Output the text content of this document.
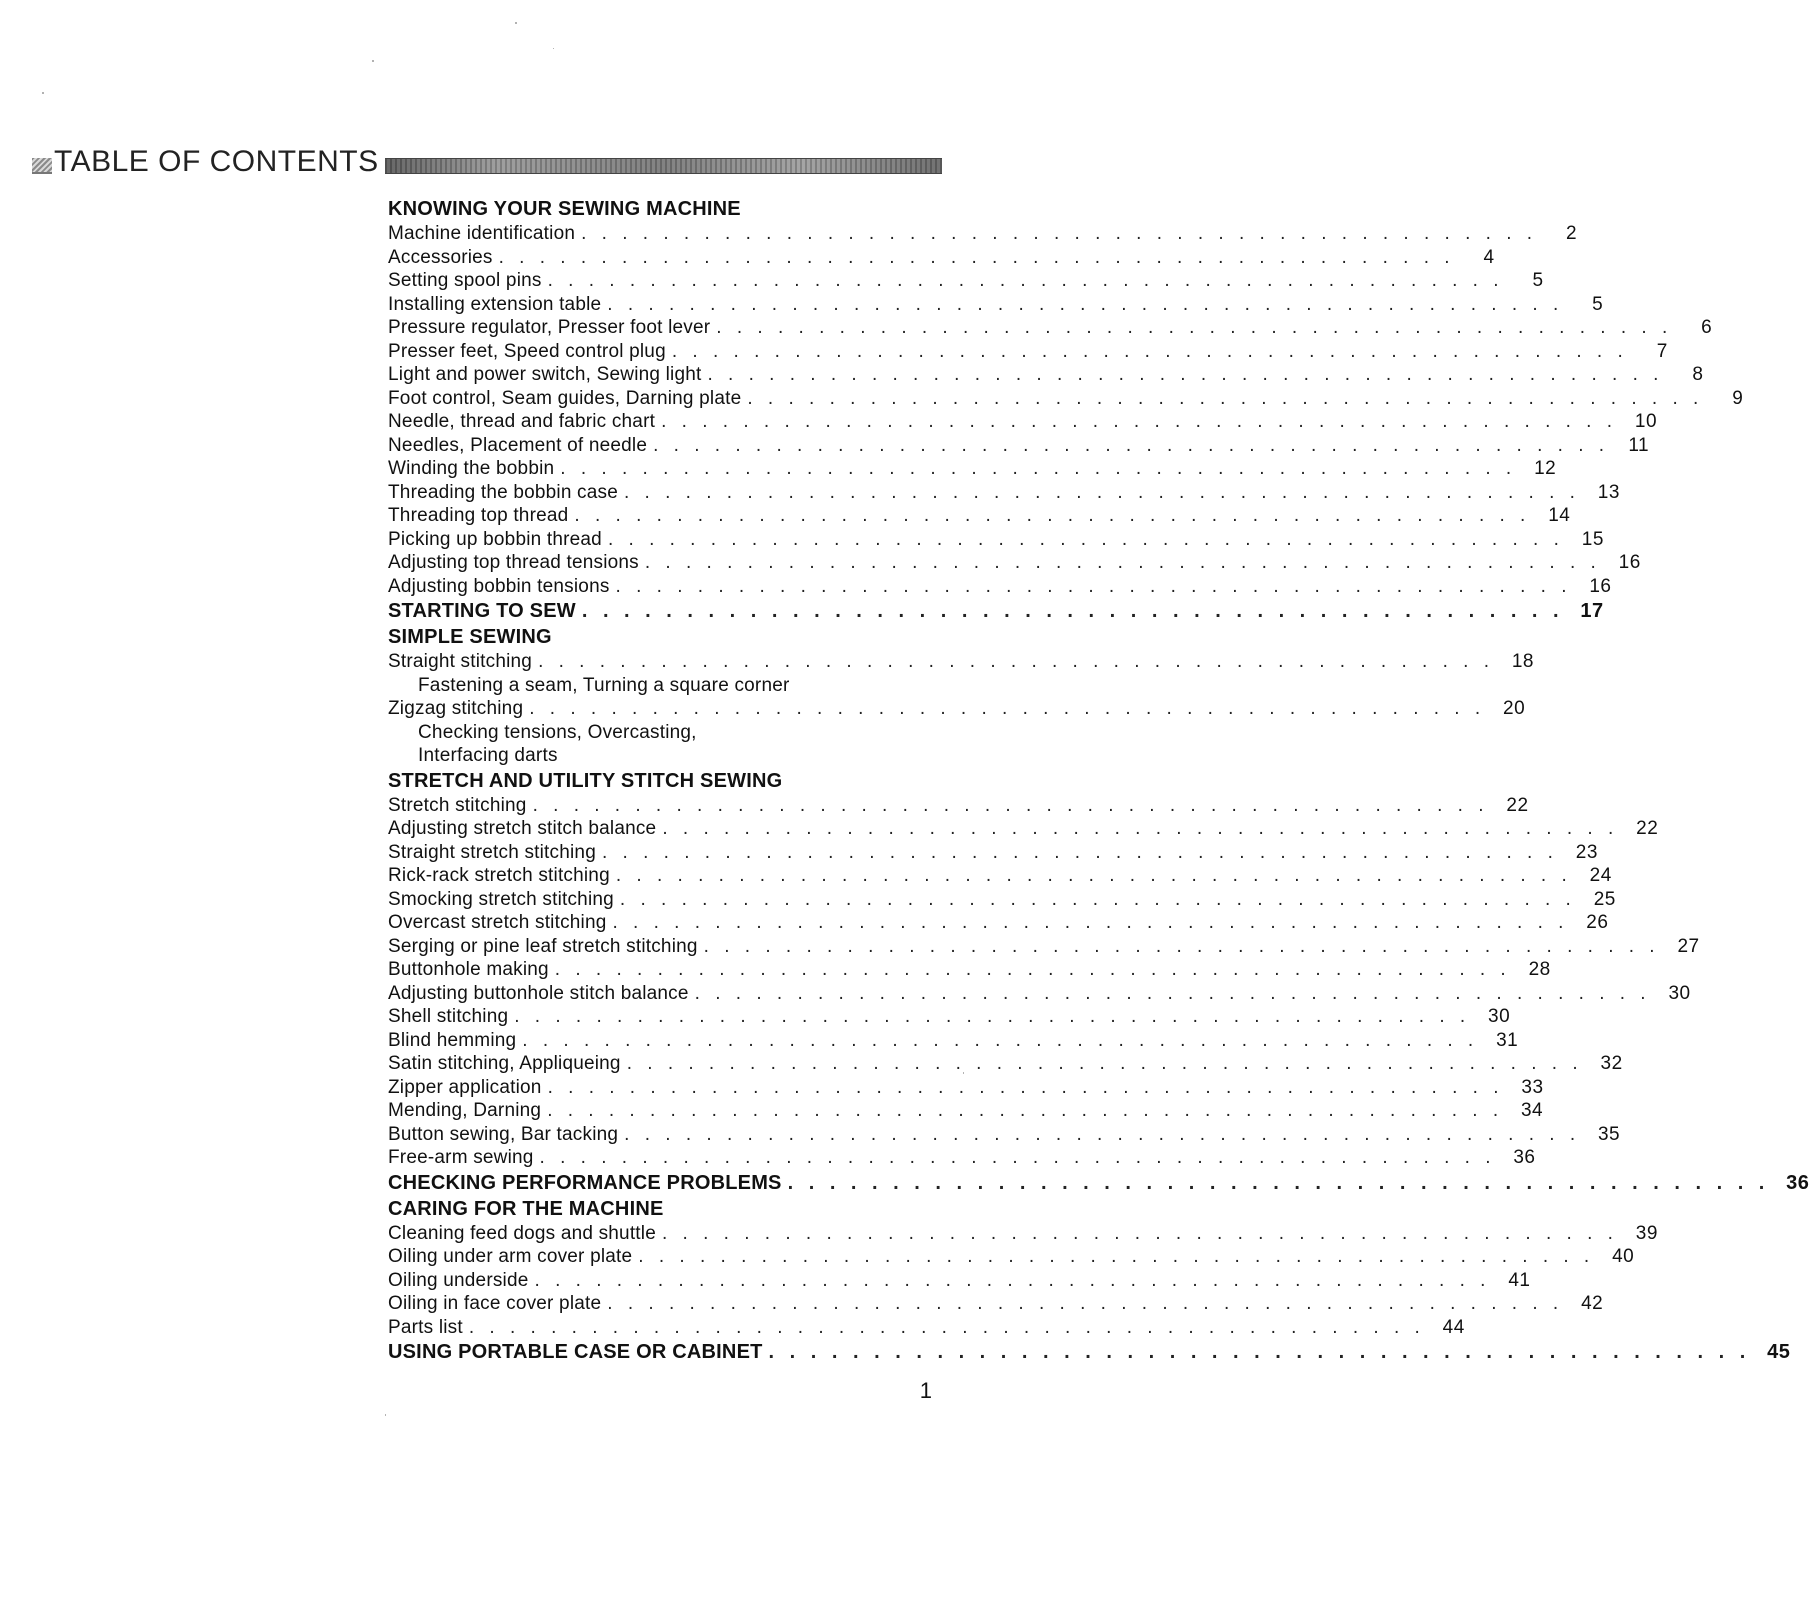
TABLE OF CONTENTS
KNOWING YOUR SEWING MACHINE
Machine identification . . . . . . . . . . . . . . . . . . . . . . . . . . . . . . . . . . . . . . . . . . . . . . .	2
Accessories . . . . . . . . . . . . . . . . . . . . . . . . . . . . . . . . . . . . . . . . . . . . . . .	4
Setting spool pins . . . . . . . . . . . . . . . . . . . . . . . . . . . . . . . . . . . . . . . . . . . . . . .	5
Installing extension table . . . . . . . . . . . . . . . . . . . . . . . . . . . . . . . . . . . . . . . . . . . . . . .	5
Pressure regulator, Presser foot lever . . . . . . . . . . . . . . . . . . . . . . . . . . . . . . . . . . . . . . . . . . . . . . .	6
Presser feet, Speed control plug . . . . . . . . . . . . . . . . . . . . . . . . . . . . . . . . . . . . . . . . . . . . . . .	7
Light and power switch, Sewing light . . . . . . . . . . . . . . . . . . . . . . . . . . . . . . . . . . . . . . . . . . . . . . .	8
Foot control, Seam guides, Darning plate . . . . . . . . . . . . . . . . . . . . . . . . . . . . . . . . . . . . . . . . . . . . . . .	9
Needle, thread and fabric chart . . . . . . . . . . . . . . . . . . . . . . . . . . . . . . . . . . . . . . . . . . . . . . . 10
Needles, Placement of needle . . . . . . . . . . . . . . . . . . . . . . . . . . . . . . . . . . . . . . . . . . . . . . .	11
Winding the bobbin . . . . . . . . . . . . . . . . . . . . . . . . . . . . . . . . . . . . . . . . . . . . . . . 12
Threading the bobbin case . . . . . . . . . . . . . . . . . . . . . . . . . . . . . . . . . . . . . . . . . . . . . . . 13
Threading top thread . . . . . . . . . . . . . . . . . . . . . . . . . . . . . . . . . . . . . . . . . . . . . . . 14
Picking up bobbin thread . . . . . . . . . . . . . . . . . . . . . . . . . . . . . . . . . . . . . . . . . . . . . . . 15
Adjusting top thread tensions . . . . . . . . . . . . . . . . . . . . . . . . . . . . . . . . . . . . . . . . . . . . . . . 16
Adjusting bobbin tensions . . . . . . . . . . . . . . . . . . . . . . . . . . . . . . . . . . . . . . . . . . . . . . . 16
STARTING TO SEW . . . . . . . . . . . . . . . . . . . . . . . . . . . . . . . . . . . . . . . . . . . . . . . 17
SIMPLE SEWING
Straight stitching . . . . . . . . . . . . . . . . . . . . . . . . . . . . . . . . . . . . . . . . . . . . . . . 18
Fastening a seam, Turning a square corner
Zigzag stitching . . . . . . . . . . . . . . . . . . . . . . . . . . . . . . . . . . . . . . . . . . . . . . . 20
Checking tensions, Overcasting,
Interfacing darts
STRETCH AND UTILITY STITCH SEWING
Stretch stitching . . . . . . . . . . . . . . . . . . . . . . . . . . . . . . . . . . . . . . . . . . . . . . . 22
Adjusting stretch stitch balance . . . . . . . . . . . . . . . . . . . . . . . . . . . . . . . . . . . . . . . . . . . . . . . 22
Straight stretch stitching . . . . . . . . . . . . . . . . . . . . . . . . . . . . . . . . . . . . . . . . . . . . . . . 23
Rick-rack stretch stitching . . . . . . . . . . . . . . . . . . . . . . . . . . . . . . . . . . . . . . . . . . . . . . . 24
Smocking stretch stitching . . . . . . . . . . . . . . . . . . . . . . . . . . . . . . . . . . . . . . . . . . . . . . . 25
Overcast stretch stitching . . . . . . . . . . . . . . . . . . . . . . . . . . . . . . . . . . . . . . . . . . . . . . . 26
Serging or pine leaf stretch stitching . . . . . . . . . . . . . . . . . . . . . . . . . . . . . . . . . . . . . . . . . . . . . . . 27
Buttonhole making . . . . . . . . . . . . . . . . . . . . . . . . . . . . . . . . . . . . . . . . . . . . . . . 28
Adjusting buttonhole stitch balance . . . . . . . . . . . . . . . . . . . . . . . . . . . . . . . . . . . . . . . . . . . . . . . 30
Shell stitching . . . . . . . . . . . . . . . . . . . . . . . . . . . . . . . . . . . . . . . . . . . . . . . 30
Blind hemming . . . . . . . . . . . . . . . . . . . . . . . . . . . . . . . . . . . . . . . . . . . . . . . 31
Satin stitching, Appliqueing . . . . . . . . . . . . . . . . . . . . . . . . . . . . . . . . . . . . . . . . . . . . . . . 32
Zipper application . . . . . . . . . . . . . . . . . . . . . . . . . . . . . . . . . . . . . . . . . . . . . . . 33
Mending, Darning . . . . . . . . . . . . . . . . . . . . . . . . . . . . . . . . . . . . . . . . . . . . . . . 34
Button sewing, Bar tacking . . . . . . . . . . . . . . . . . . . . . . . . . . . . . . . . . . . . . . . . . . . . . . . 35
Free-arm sewing . . . . . . . . . . . . . . . . . . . . . . . . . . . . . . . . . . . . . . . . . . . . . . . 36
CHECKING PERFORMANCE PROBLEMS . . . . . . . . . . . . . . . . . . . . . . . . . . . . . . . . . . . . . . . . . . . . . . . 36
CARING FOR THE MACHINE
Cleaning feed dogs and shuttle . . . . . . . . . . . . . . . . . . . . . . . . . . . . . . . . . . . . . . . . . . . . . . . 39
Oiling under arm cover plate . . . . . . . . . . . . . . . . . . . . . . . . . . . . . . . . . . . . . . . . . . . . . . . 40
Oiling underside . . . . . . . . . . . . . . . . . . . . . . . . . . . . . . . . . . . . . . . . . . . . . . . 41
Oiling in face cover plate . . . . . . . . . . . . . . . . . . . . . . . . . . . . . . . . . . . . . . . . . . . . . . . 42
Parts list . . . . . . . . . . . . . . . . . . . . . . . . . . . . . . . . . . . . . . . . . . . . . . . 44
USING PORTABLE CASE OR CABINET . . . . . . . . . . . . . . . . . . . . . . . . . . . . . . . . . . . . . . . . . . . . . . . 45
1
